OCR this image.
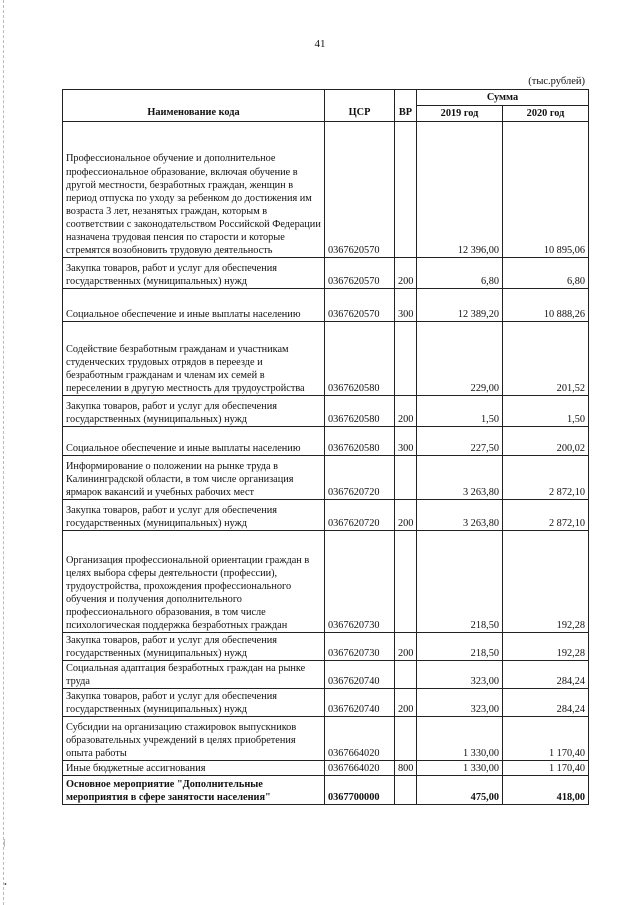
|
•
41
(тыс.рублей)
Наименование кода	ЦСР	ВР	Сумма	
			2019 год	2020 год
Профессиональное обучение и дополнительное профессиональное образование, включая обучение в другой местности, безработных граждан, женщин в период отпуска по уходу за ребенком до достижения им возраста 3 лет, незанятых граждан, которым в соответствии с законодательством Российской Федерации назначена трудовая пенсия по старости и которые стремятся возобновить трудовую деятельность	0367620570		12 396,00	10 895,06
Закупка товаров, работ и услуг для обеспечения государственных (муниципальных) нужд	0367620570	200	6,80	6,80
Социальное обеспечение и иные выплаты населению	0367620570	300	12 389,20	10 888,26
Содействие безработным гражданам и участникам студенческих трудовых отрядов в переезде и безработным гражданам и членам их семей в переселении в другую местность для трудоустройства	0367620580		229,00	201,52
Закупка товаров, работ и услуг для обеспечения государственных (муниципальных) нужд	0367620580	200	1,50	1,50
Социальное обеспечение и иные выплаты населению	0367620580	300	227,50	200,02
Информирование о положении на рынке труда в Калининградской области, в том числе организация ярмарок вакансий и учебных рабочих мест	0367620720		3 263,80	2 872,10
Закупка товаров, работ и услуг для обеспечения государственных (муниципальных) нужд	0367620720	200	3 263,80	2 872,10
Организация профессиональной ориентации граждан в целях выбора сферы деятельности (профессии), трудоустройства, прохождения профессионального обучения и получения дополнительного профессионального образования, в том числе психологическая поддержка безработных граждан	0367620730		218,50	192,28
Закупка товаров, работ и услуг для обеспечения государственных (муниципальных) нужд	0367620730	200	218,50	192,28
Социальная адаптация безработных граждан на рынке труда	0367620740		323,00	284,24
Закупка товаров, работ и услуг для обеспечения государственных (муниципальных) нужд	0367620740	200	323,00	284,24
Субсидии на организацию стажировок выпускников образовательных учреждений в целях приобретения опыта работы	0367664020		1 330,00	1 170,40
Иные бюджетные ассигнования	0367664020	800	1 330,00	1 170,40
Основное мероприятие "Дополнительные мероприятия в сфере занятости населения"	0367700000		475,00	418,00
